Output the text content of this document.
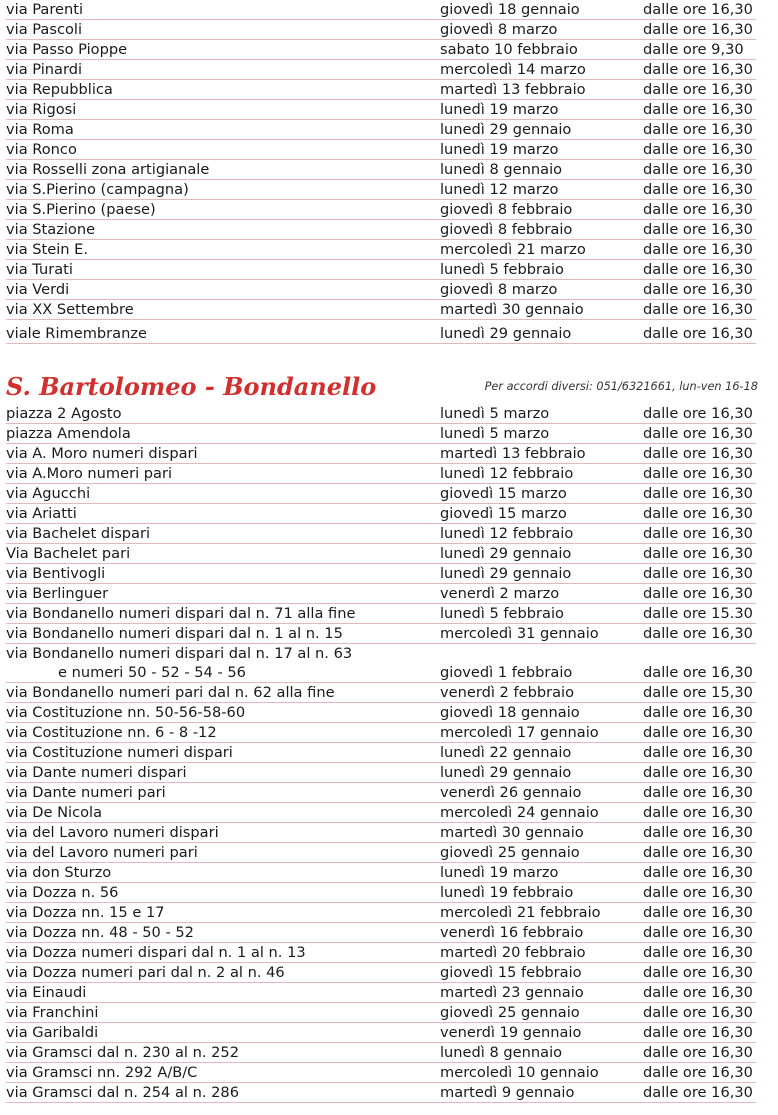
via Parenti	giovedì 18 gennaio	dalle ore 16,30
via Pascoli	giovedì 8 marzo	dalle ore 16,30
via Passo Pioppe	sabato 10 febbraio	dalle ore 9,30
via Pinardi	mercoledì 14 marzo	dalle ore 16,30
via Repubblica	martedì 13 febbraio	dalle ore 16,30
via Rigosi	lunedì 19 marzo	dalle ore 16,30
via Roma	lunedì 29 gennaio	dalle ore 16,30
via Ronco	lunedì 19 marzo	dalle ore 16,30
via Rosselli zona artigianale	lunedì 8 gennaio	dalle ore 16,30
via S.Pierino (campagna)	lunedì 12 marzo	dalle ore 16,30
via S.Pierino (paese)	giovedì 8 febbraio	dalle ore 16,30
via Stazione	giovedì 8 febbraio	dalle ore 16,30
via Stein E.	mercoledì 21 marzo	dalle ore 16,30
via Turati	lunedì 5 febbraio	dalle ore 16,30
via Verdi	giovedì 8 marzo	dalle ore 16,30
via XX Settembre	martedì 30 gennaio	dalle ore 16,30
viale Rimembranze	lunedì 29 gennaio	dalle ore 16,30
S. Bartolomeo - Bondanello	Per accordi diversi: 051/6321661, lun-ven 16-18
piazza 2 Agosto	lunedì 5 marzo	dalle ore 16,30
piazza Amendola	lunedì 5 marzo	dalle ore 16,30
via A. Moro numeri dispari	martedì 13 febbraio	dalle ore 16,30
via A.Moro numeri pari	lunedì 12 febbraio	dalle ore 16,30
via Agucchi	giovedì 15 marzo	dalle ore 16,30
via Ariatti	giovedì 15 marzo	dalle ore 16,30
via Bachelet dispari	lunedì 12 febbraio	dalle ore 16,30
Via Bachelet pari	lunedì 29 gennaio	dalle ore 16,30
via Bentivogli	lunedì 29 gennaio	dalle ore 16,30
via Berlinguer	venerdì 2 marzo	dalle ore 16,30
via Bondanello numeri dispari dal n. 71 alla fine	lunedì 5 febbraio	dalle ore 15.30
via Bondanello numeri dispari dal n. 1 al n. 15	mercoledì 31 gennaio	dalle ore 16,30
via Bondanello numeri dispari dal n. 17 al n. 63
e numeri 50 - 52 - 54 - 56	giovedì 1 febbraio	dalle ore 16,30
via Bondanello numeri pari dal n. 62 alla fine	venerdì 2 febbraio	dalle ore 15,30
via Costituzione nn. 50-56-58-60	giovedì 18 gennaio	dalle ore 16,30
via Costituzione nn. 6 - 8 -12	mercoledì 17 gennaio	dalle ore 16,30
via Costituzione numeri dispari	lunedì 22 gennaio	dalle ore 16,30
via Dante numeri dispari	lunedì 29 gennaio	dalle ore 16,30
via Dante numeri pari	venerdì 26 gennaio	dalle ore 16,30
via De Nicola	mercoledì 24 gennaio	dalle ore 16,30
via del Lavoro numeri dispari	martedì 30 gennaio	dalle ore 16,30
via del Lavoro numeri pari	giovedì 25 gennaio	dalle ore 16,30
via don Sturzo	lunedì 19 marzo	dalle ore 16,30
via Dozza n. 56	lunedì 19 febbraio	dalle ore 16,30
via Dozza nn. 15 e 17	mercoledì 21 febbraio	dalle ore 16,30
via Dozza nn. 48 - 50 - 52	venerdì 16 febbraio	dalle ore 16,30
via Dozza numeri dispari dal n. 1 al n. 13	martedì 20 febbraio	dalle ore 16,30
via Dozza numeri pari dal n. 2 al n. 46	giovedì 15 febbraio	dalle ore 16,30
via Einaudi	martedì 23 gennaio	dalle ore 16,30
via Franchini	giovedì 25 gennaio	dalle ore 16,30
via Garibaldi	venerdì 19 gennaio	dalle ore 16,30
via Gramsci dal n. 230 al n. 252	lunedì 8 gennaio	dalle ore 16,30
via Gramsci nn. 292 A/B/C	mercoledì 10 gennaio	dalle ore 16,30
via Gramsci dal n. 254 al n. 286	martedì 9 gennaio	dalle ore 16,30
